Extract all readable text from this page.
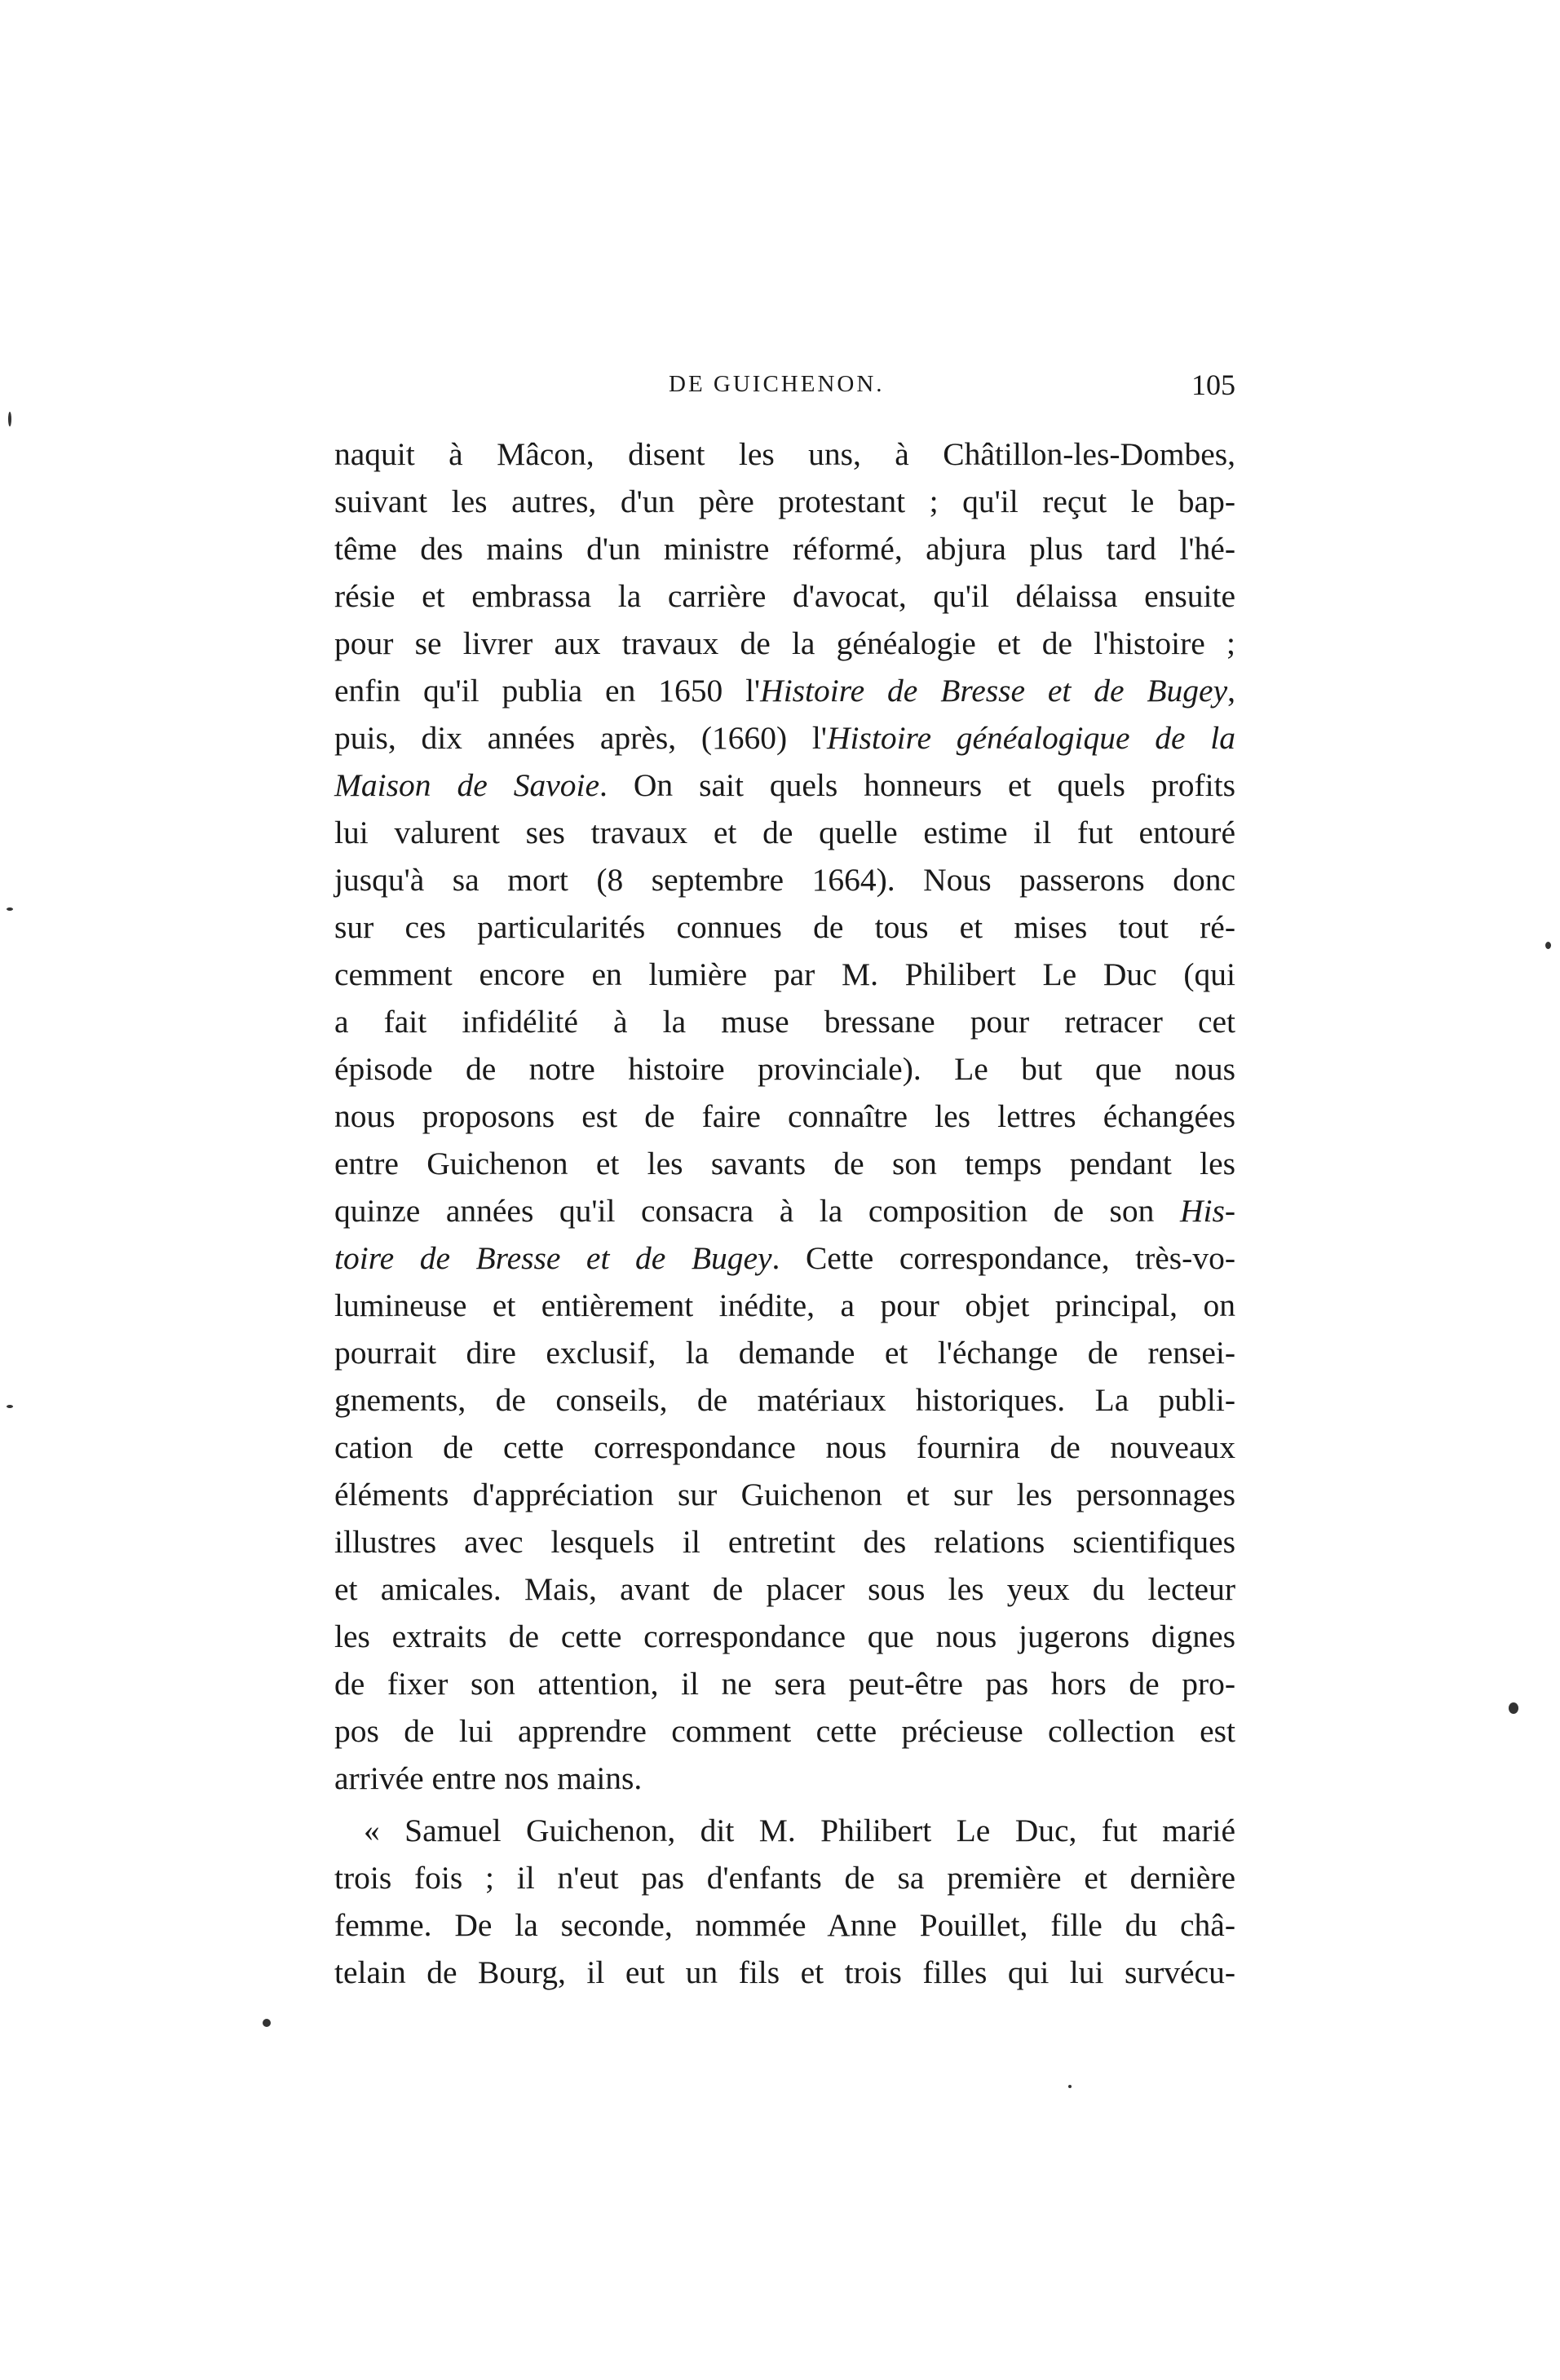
DE GUICHENON.	105
naquit à Mâcon, disent les uns, à Châtillon-les-Dombes,
suivant les autres, d'un père protestant ; qu'il reçut le bap-
tême des mains d'un ministre réformé, abjura plus tard l'hé-
résie et embrassa la carrière d'avocat, qu'il délaissa ensuite
pour se livrer aux travaux de la généalogie et de l'histoire ;
enfin qu'il publia en 1650 l'Histoire de Bresse et de Bugey,
puis, dix années après, (1660) l'Histoire généalogique de la
Maison de Savoie. On sait quels honneurs et quels profits
lui valurent ses travaux et de quelle estime il fut entouré
jusqu'à sa mort (8 septembre 1664). Nous passerons donc
sur ces particularités connues de tous et mises tout ré-
cemment encore en lumière par M. Philibert Le Duc (qui
a fait infidélité à la muse bressane pour retracer cet
épisode de notre histoire provinciale). Le but que nous
nous proposons est de faire connaître les lettres échangées
entre Guichenon et les savants de son temps pendant les
quinze années qu'il consacra à la composition de son His-
toire de Bresse et de Bugey. Cette correspondance, très-vo-
lumineuse et entièrement inédite, a pour objet principal, on
pourrait dire exclusif, la demande et l'échange de rensei-
gnements, de conseils, de matériaux historiques. La publi-
cation de cette correspondance nous fournira de nouveaux
éléments d'appréciation sur Guichenon et sur les personnages
illustres avec lesquels il entretint des relations scientifiques
et amicales. Mais, avant de placer sous les yeux du lecteur
les extraits de cette correspondance que nous jugerons dignes
de fixer son attention, il ne sera peut-être pas hors de pro-
pos de lui apprendre comment cette précieuse collection est
arrivée entre nos mains.
« Samuel Guichenon, dit M. Philibert Le Duc, fut marié
trois fois ; il n'eut pas d'enfants de sa première et dernière
femme. De la seconde, nommée Anne Pouillet, fille du châ-
telain de Bourg, il eut un fils et trois filles qui lui survécu-
